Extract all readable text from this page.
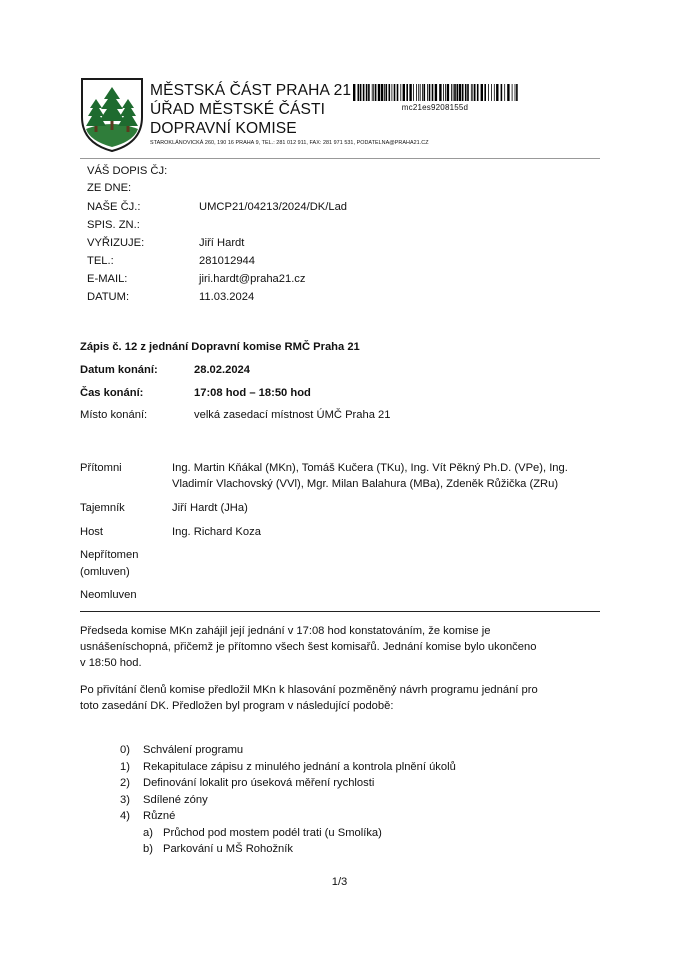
MĚSTSKÁ ČÁST PRAHA 21
ÚŘAD MĚSTSKÉ ČÁSTI
DOPRAVNÍ KOMISE
STAROKLÁNOVICKÁ 260, 190 16 PRAHA 9, TEL.: 281 012 911, FAX: 281 971 531, PODATELNA@PRAHA21.CZ
mc21es9208155d
VÁŠ DOPIS ČJ:
ZE DNE:
NAŠE ČJ.:	UMCP21/04213/2024/DK/Lad
SPIS. ZN.:
VYŘIZUJE:	Jiří Hardt
TEL.:	281012944
E-MAIL:	jiri.hardt@praha21.cz
DATUM:	11.03.2024
Zápis č. 12 z jednání Dopravní komise RMČ Praha 21
Datum konání:	28.02.2024
Čas konání:	17:08 hod – 18:50 hod
Místo konání:	velká zasedací místnost ÚMČ Praha 21
Přítomni	Ing. Martin Kňákal (MKn), Tomáš Kučera (TKu), Ing. Vít Pěkný Ph.D. (VPe), Ing.
Vladimír Vlachovský (VVl), Mgr. Milan Balahura (MBa), Zdeněk Růžička (ZRu)
Tajemník	Jiří Hardt (JHa)
Host	Ing. Richard Koza
Nepřítomen
(omluven)
Neomluven
Předseda komise MKn zahájil její jednání v 17:08 hod konstatováním, že komise je
usnášeníschopná, přičemž je přítomno všech šest komisařů. Jednání komise bylo ukončeno
v 18:50 hod.
Po přivítání členů komise předložil MKn k hlasování pozměněný návrh programu jednání pro
toto zasedání DK. Předložen byl program v následující podobě:
0) Schválení programu
1) Rekapitulace zápisu z minulého jednání a kontrola plnění úkolů
2) Definování lokalit pro úseková měření rychlosti
3) Sdílené zóny
4) Různé
a) Průchod pod mostem podél trati (u Smolíka)
b) Parkování u MŠ Rohožník
1/3
